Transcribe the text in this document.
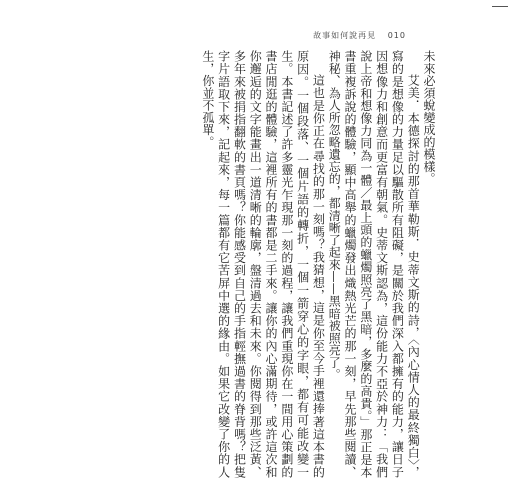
故事如何說再見 010

未來必須蛻變成的模樣。

艾美．本德探討的那首華勒斯．史蒂文斯的詩，〈內心情人的最終獨白〉，寫的是想像的力量足以驅散所有阻礙，是關於我們深入都擁有的能力，讓日子因想像力和創意而更富有朝氣。史蒂文斯認為，這份能力不亞於神力：「我們說上帝和想像力同為一體／最上頭的蠟燭照亮了黑暗，多麼的高貴。」那正是本書重複訴說的體驗，顯中高舉的蠟燭發出熾熱光芒的那一刻，早先那些閱讀、神秘、為人所忽略遺忘的，都清晰了起來——黑暗被照亮了。

這也是你正在尋找的那一刻嗎？我猜想，這是你至今手裡還捧著這本書的原因。一個段落、一個片語的轉折，一個一箭穿心的字眼，都有可能改變一生。本書記述了許多靈光乍現那一刻的過程，讓我們重現你在一間用心策劃的書店閒逛的體驗，這裡所有的書都是二手來。讓你的內心滿期待，或許這次和你邂逅的文字能畫出一道清晰的輪廓，盤清過去和未來。你閱得到那些泛黃、多年來被捐指翻軟的書頁嗎？你能感受到自己的手指輕撫過書的脊背嗎？把隻字片語取下來，記起來，每一篇都有它苦屏中選的緣由。如果它改變了你的人生，你並不孤單。
